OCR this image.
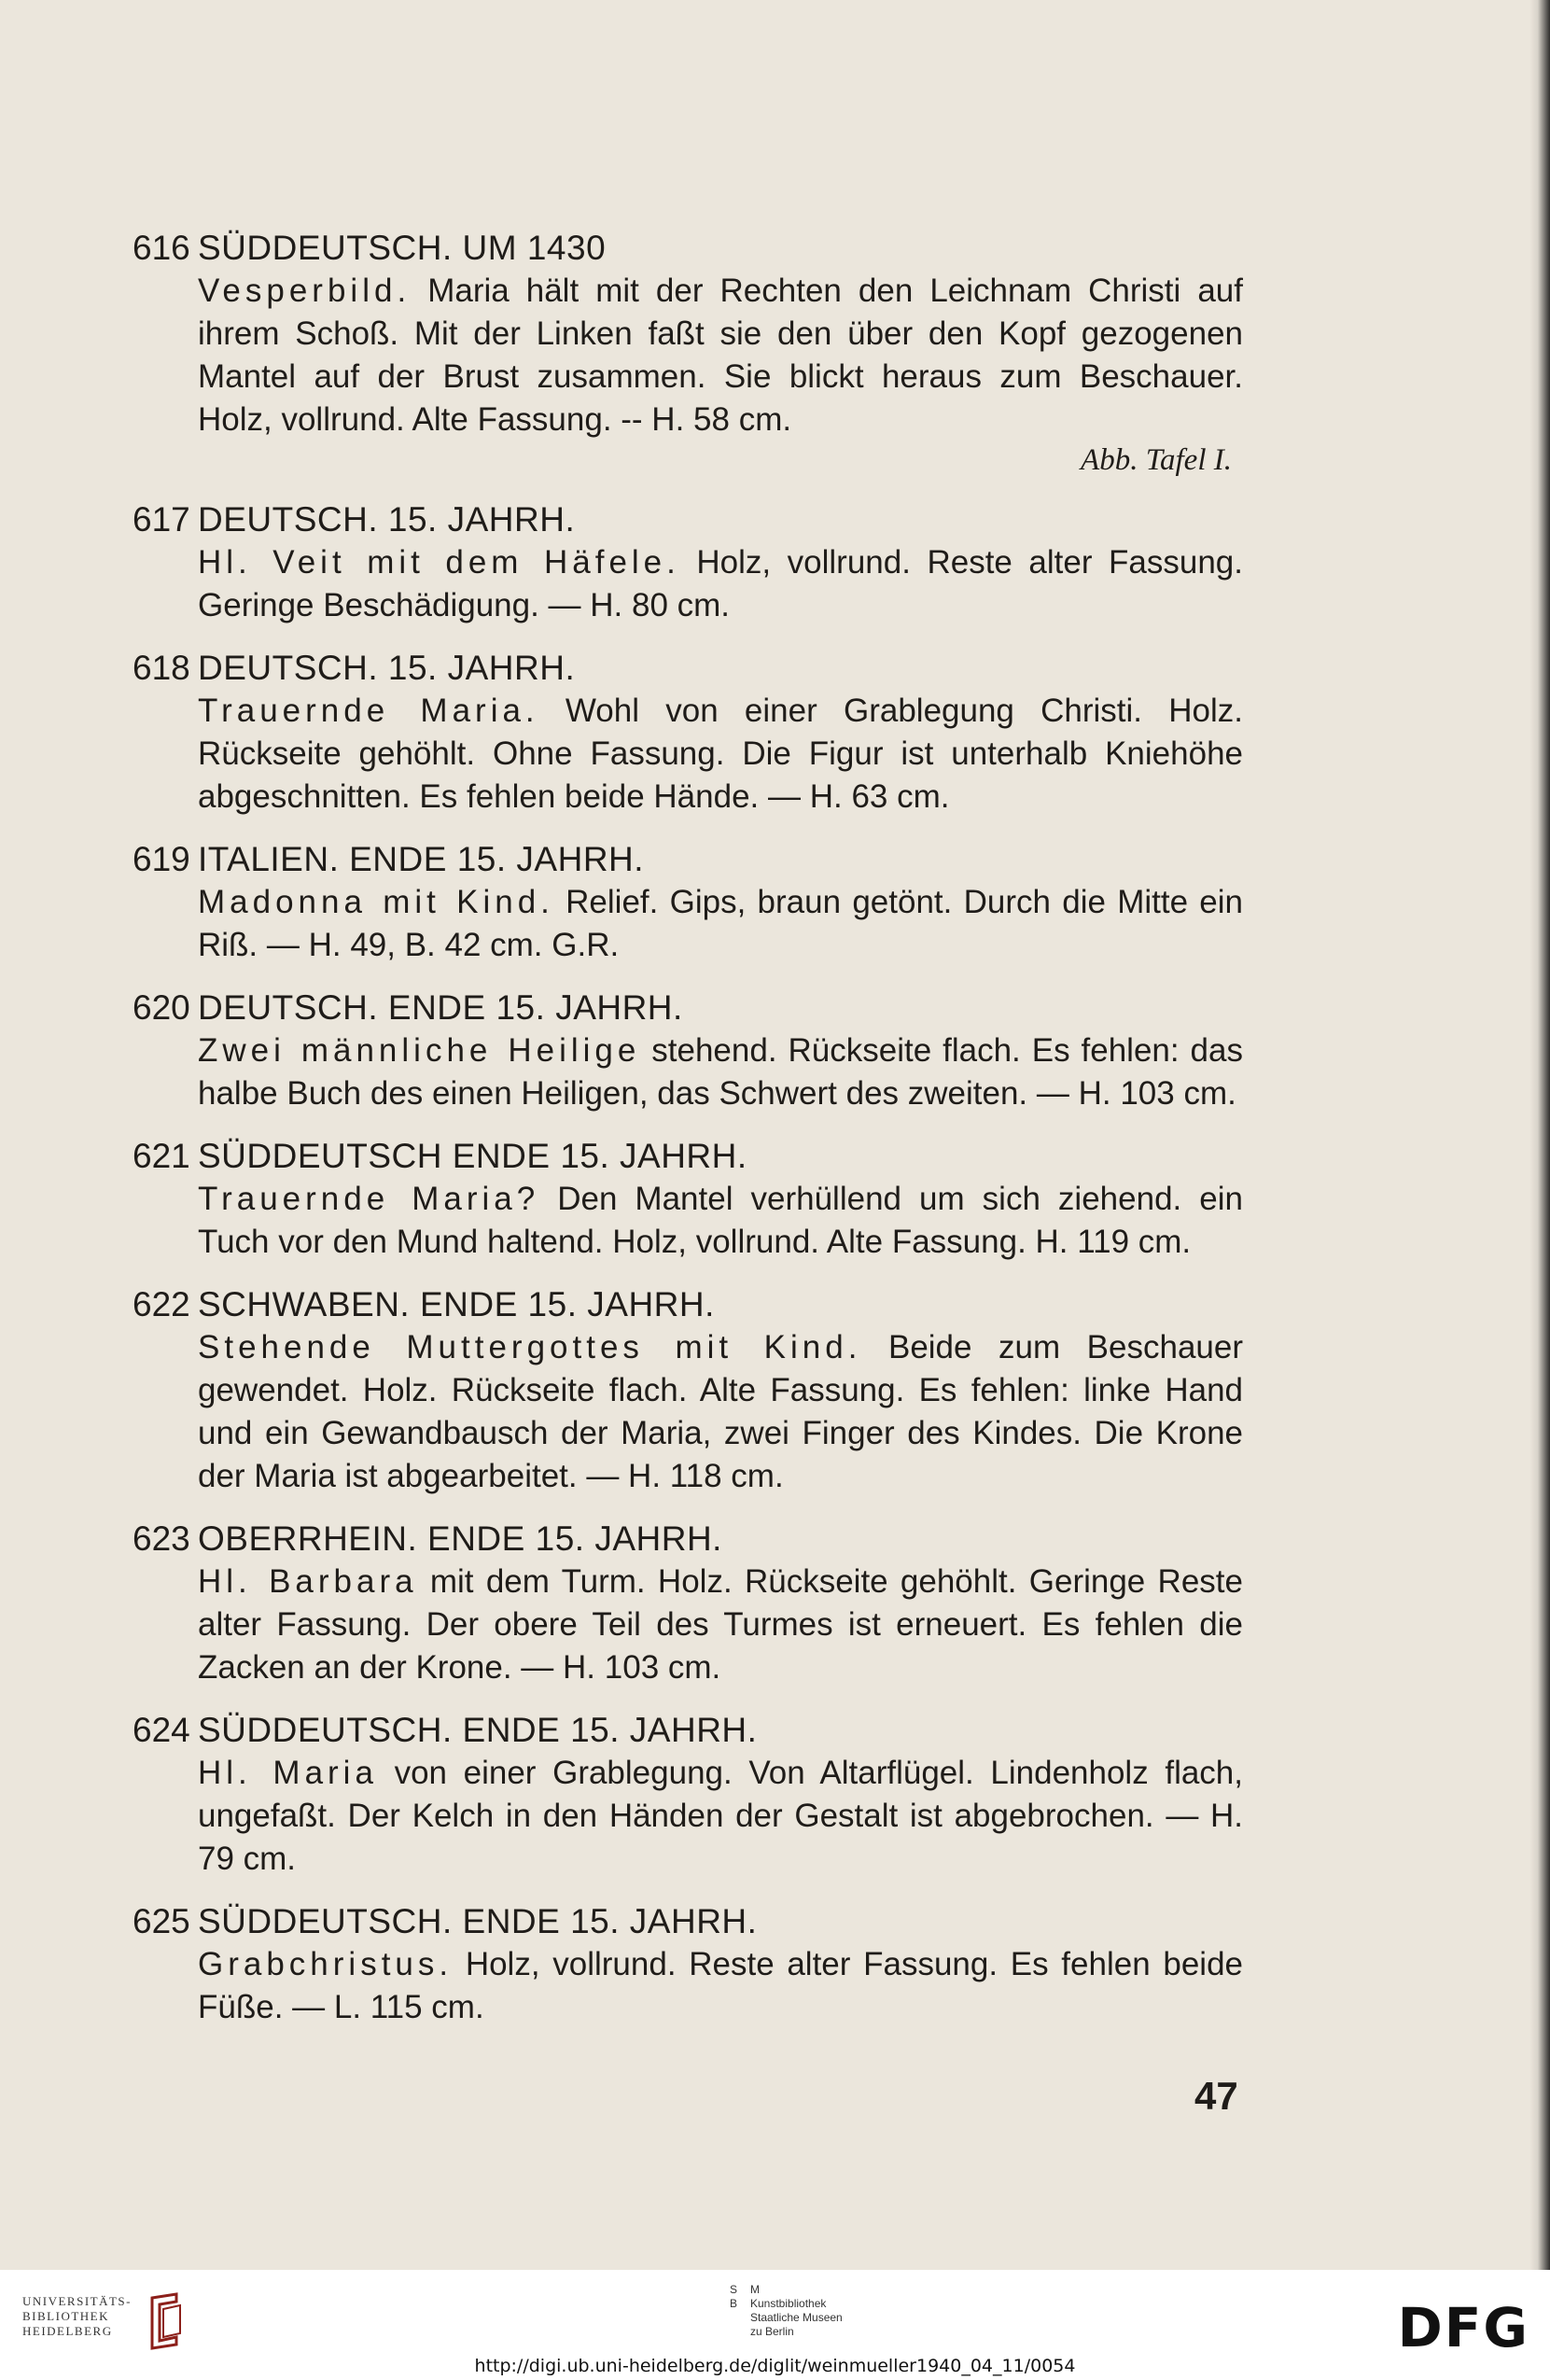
616 SÜDDEUTSCH. UM 1430
Vesperbild. Maria hält mit der Rechten den Leichnam Christi auf ihrem Schoß. Mit der Linken faßt sie den über den Kopf gezogenen Mantel auf der Brust zusammen. Sie blickt heraus zum Beschauer. Holz, vollrund. Alte Fassung. -- H. 58 cm.
Abb. Tafel I.
617 DEUTSCH. 15. JAHRH.
Hl. Veit mit dem Häfele. Holz, vollrund. Reste alter Fassung. Geringe Beschädigung. — H. 80 cm.
618 DEUTSCH. 15. JAHRH.
Trauernde Maria. Wohl von einer Grablegung Christi. Holz. Rückseite gehöhlt. Ohne Fassung. Die Figur ist unterhalb Kniehöhe abgeschnitten. Es fehlen beide Hände. — H. 63 cm.
619 ITALIEN. ENDE 15. JAHRH.
Madonna mit Kind. Relief. Gips, braun getönt. Durch die Mitte ein Riß. — H. 49, B. 42 cm. G.R.
620 DEUTSCH. ENDE 15. JAHRH.
Zwei männliche Heilige stehend. Rückseite flach. Es fehlen: das halbe Buch des einen Heiligen, das Schwert des zweiten. — H. 103 cm.
621 SÜDDEUTSCH ENDE 15. JAHRH.
Trauernde Maria? Den Mantel verhüllend um sich ziehend. ein Tuch vor den Mund haltend. Holz, vollrund. Alte Fassung. H. 119 cm.
622 SCHWABEN. ENDE 15. JAHRH.
Stehende Muttergottes mit Kind. Beide zum Beschauer gewendet. Holz. Rückseite flach. Alte Fassung. Es fehlen: linke Hand und ein Gewandbausch der Maria, zwei Finger des Kindes. Die Krone der Maria ist abgearbeitet. — H. 118 cm.
623 OBERRHEIN. ENDE 15. JAHRH.
Hl. Barbara mit dem Turm. Holz. Rückseite gehöhlt. Geringe Reste alter Fassung. Der obere Teil des Turmes ist erneuert. Es fehlen die Zacken an der Krone. — H. 103 cm.
624 SÜDDEUTSCH. ENDE 15. JAHRH.
Hl. Maria von einer Grablegung. Von Altarflügel. Lindenholz flach, ungefaßt. Der Kelch in den Händen der Gestalt ist abgebrochen. — H. 79 cm.
625 SÜDDEUTSCH. ENDE 15. JAHRH.
Grabchristus. Holz, vollrund. Reste alter Fassung. Es fehlen beide Füße. — L. 115 cm.
47
UNIVERSITÄTS-
BIBLIOTHEK
HEIDELBERG
S	M
B	Kunstbibliothek
Staatliche Museen
zu Berlin	DFG
http://digi.ub.uni-heidelberg.de/diglit/weinmueller1940_04_11/0054
